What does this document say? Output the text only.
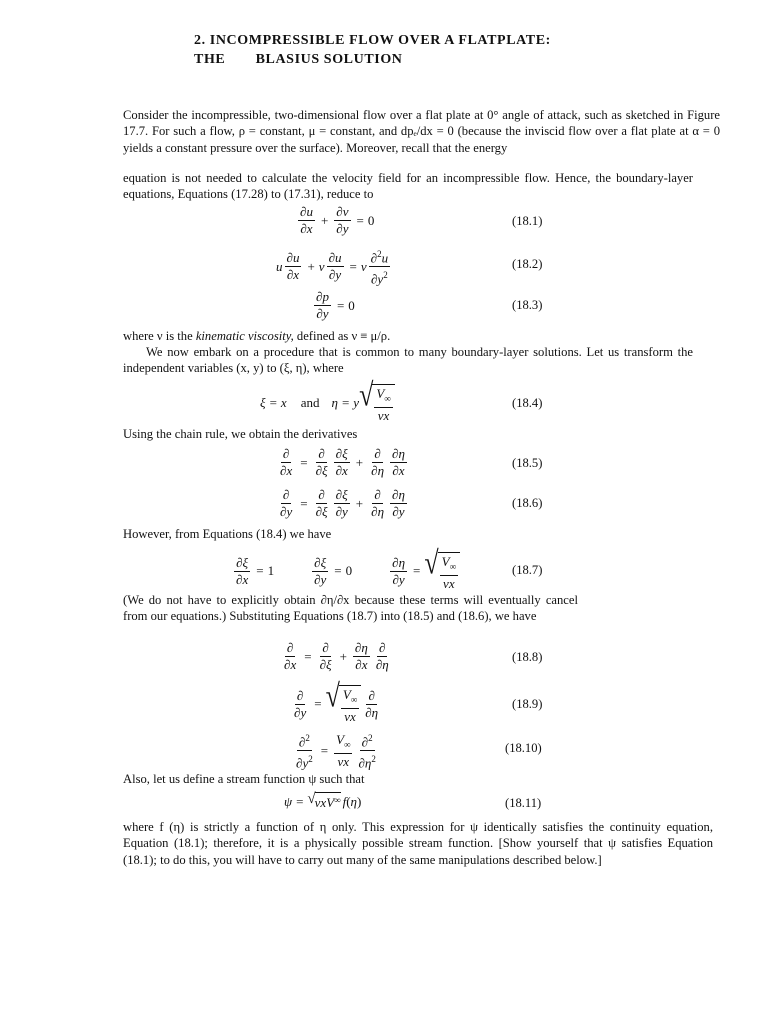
2. INCOMPRESSIBLE FLOW OVER A FLATPLATE:
THE BLASIUS SOLUTION
Consider the incompressible, two-dimensional flow over a flat plate at 0° angle of attack, such as sketched in Figure 17.7. For such a flow, ρ = constant, μ = constant, and dpₑ/dx = 0 (because the inviscid flow over a flat plate at α = 0 yields a constant pressure over the surface). Moreover, recall that the energy
equation is not needed to calculate the velocity field for an incompressible flow. Hence, the boundary-layer equations, Equations (17.28) to (17.31), reduce to
$\frac{\partial u}{\partial x} + \frac{\partial v}{\partial y} = 0$	(18.1)
u $\frac{\partial u}{\partial x} + v \frac{\partial u}{\partial y} = \nu \frac{\partial^2u}{\partial y^2}$	(18.2)
$\frac{\partial p}{\partial y} = 0$	(18.3)
where ν is the kinematic viscosity, defined as ν ≡ μ/ρ.
We now embark on a procedure that is common to many boundary-layer solutions. Let us transform the independent variables (x, y) to (ξ, η), where
ξ = x and η = y √ $\frac{V_\infty}{\nu x}$	(18.4)
Using the chain rule, we obtain the derivatives
$\frac{\partial}{\partial x} = \frac{\partial}{\partial\xi} \frac{\partial\xi}{\partial x} + \frac{\partial}{\partial\eta} \frac{\partial\eta}{\partial x}$	(18.5)
$\frac{\partial}{\partial y} = \frac{\partial}{\partial\xi} \frac{\partial\xi}{\partial y} + \frac{\partial}{\partial\eta} \frac{\partial\eta}{\partial y}$	(18.6)
However, from Equations (18.4) we have
$\frac{\partial\xi}{\partial x} = 1$	$\frac{\partial\xi}{\partial y} = 0$	$\frac{\partial\eta}{\partial y}$ = √ $\frac{V_\infty}{\nu x}$	(18.7)
(We do not have to explicitly obtain ∂η/∂x because these terms will eventually cancel from our equations.) Substituting Equations (18.7) into (18.5) and (18.6), we have
$\frac{\partial}{\partial x} = \frac{\partial}{\partial\xi} + \frac{\partial\eta}{\partial x} \frac{\partial}{\partial\eta}$	(18.8)
$\frac{\partial}{\partial y}$ = √ $\frac{V_\infty}{\nu x} \frac{\partial}{\partial\eta}$	(18.9)
$\frac{\partial^2}{\partial y^2} = \frac{V_\infty}{\nu x} \frac{\partial^2}{\partial\eta^2}$	(18.10)
Also, let us define a stream function ψ such that
ψ = √ νxV ∞ f ( η )	(18.11)
where f (η) is strictly a function of η only. This expression for ψ identically satisfies the continuity equation, Equation (18.1); therefore, it is a physically possible stream function. [Show yourself that ψ satisfies Equation (18.1); to do this, you will have to carry out many of the same manipulations described below.]
